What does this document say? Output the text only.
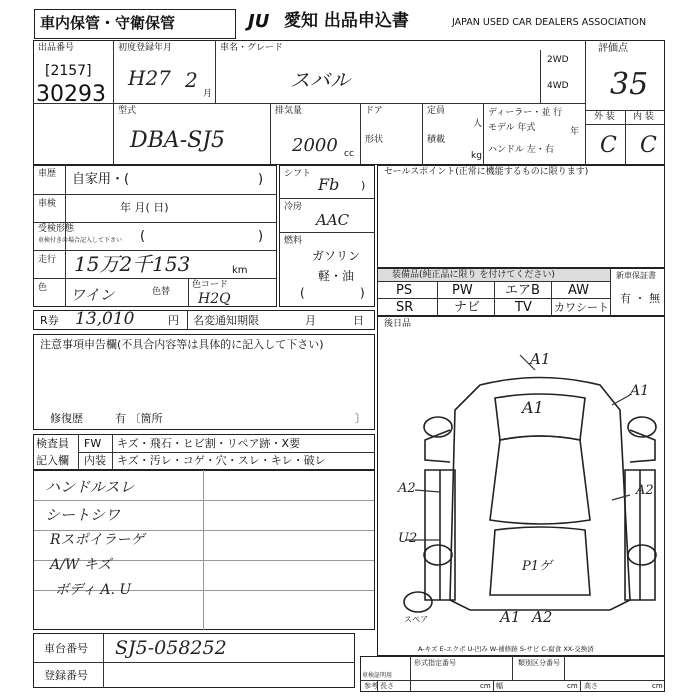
車内保管・守衛保管	JU 愛知 出品申込書	JAPAN USED CAR DEALERS ASSOCIATION
出品番号
[2157]
30293
初度登録年月
H27 2
月
車名・グレード
スバル
2WD
4WD
型式
DBA-SJ5
排気量
2000 cc
ドア
形状
定員
人
積載
kg
ディーラー・並 行
モデル 年式	年
ハンドル 左・右
評価点
35
外 装 内 装
C C
車歴 自家用・(	)
車検	年 月( 日)
受検形態
車検付きの場合記入して下さい (	)
走行 15万2千153	km
色 ワイン	色替
色コード
H2Q
シフト
Fb )
冷房
AAC
燃料
ガソリン
軽・油
(	)
セールスポイント(正常に機能するものに限ります)
装備品(純正品に限り を付けてください)
PS	PW エアB AW
SR	ナビ	TV カワシート
新車保証書
有 ・ 無
R券 13,010	円 名変通知期限	月	日 後日品
注意事項申告欄(不具合内容等は具体的に記入して下さい)
修復歴	有 〔箇所	〕
検査員
記入欄
FW キズ・飛石・ヒビ割・リペア跡・X要
内装 キズ・汚レ・コゲ・穴・スレ・キレ・破レ
ハンドルスレ
シートシワ
Rスポイラーゲ
A/W キズ
ボディ A. U
A1
A1
A1
A2
U2
A2
P1ゲ
A1 A2
スペア
A-キズ E-エクボ U-凹み W-補修跡 S-サビ C-腐食 XX-交換済
車台番号 SJ5-058252
登録番号
形式指定番号	類別区分番号
車検証明用
参考 長さ	cm 幅	cm 高さ	cm
